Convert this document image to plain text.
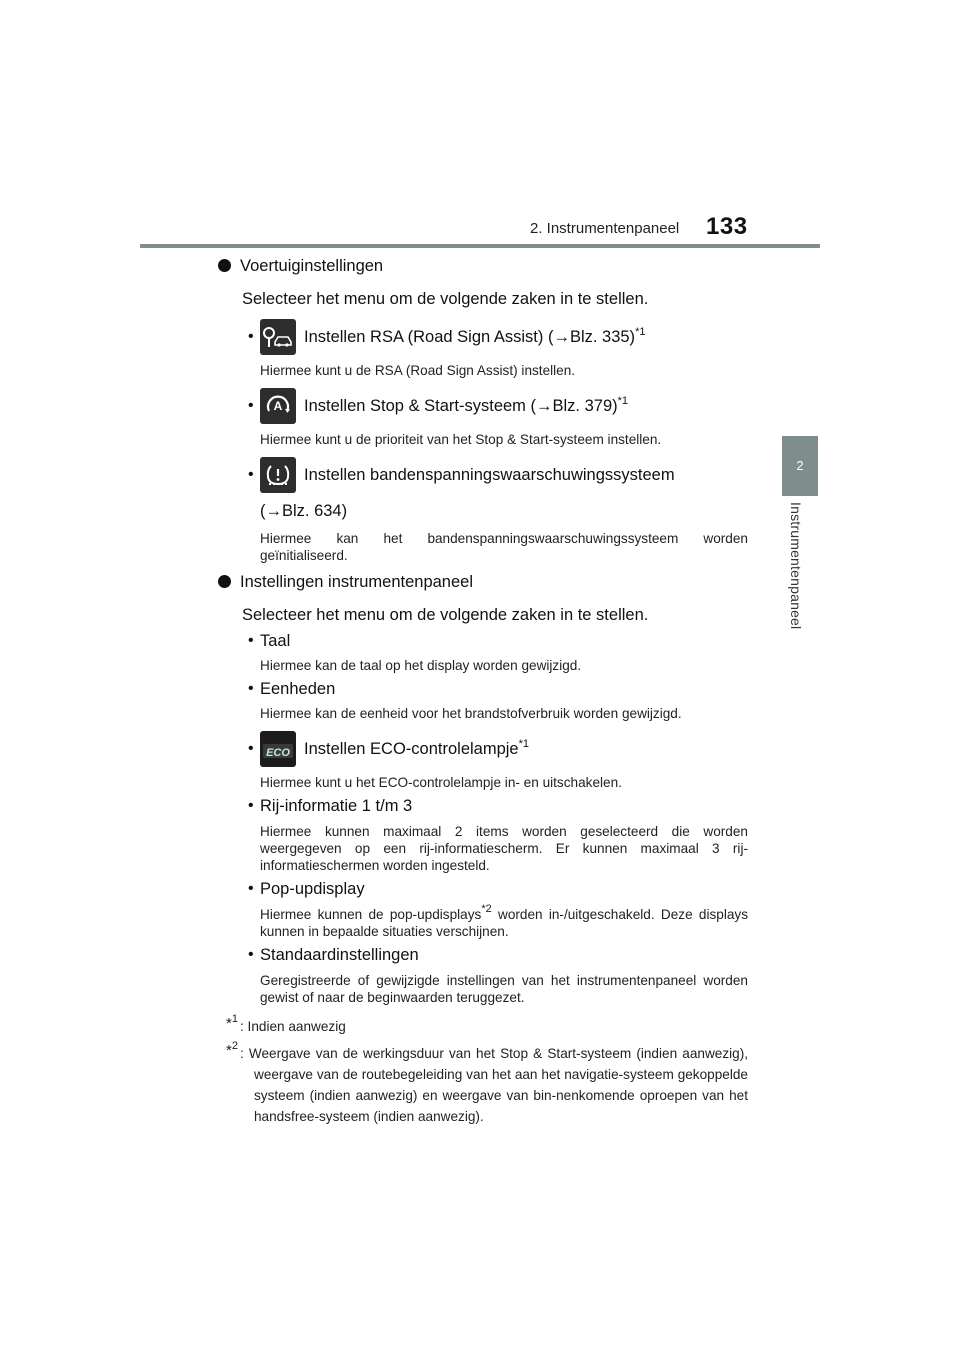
2. Instrumentenpaneel 133
2
Instrumentenpaneel
Voertuiginstellingen
Selecteer het menu om de volgende zaken in te stellen.
•	Instellen RSA (Road Sign Assist) (→Blz. 335)$^{*1}$
Hiermee kunt u de RSA (Road Sign Assist) instellen.
• A Instellen Stop & Start-systeem (→Blz. 379)$^{*1}$
Hiermee kunt u de prioriteit van het Stop & Start-systeem instellen.
•	Instellen bandenspanningswaarschuwingssysteem
(→Blz. 634)
Hiermee kan het bandenspanningswaarschuwingssysteem worden geïnitialiseerd.
Instellingen instrumentenpaneel
Selecteer het menu om de volgende zaken in te stellen.
• Taal
Hiermee kan de taal op het display worden gewijzigd.
• Eenheden
Hiermee kan de eenheid voor het brandstofverbruik worden gewijzigd.
• ECO Instellen ECO-controlelampje$^{*1}$
Hiermee kunt u het ECO-controlelampje in- en uitschakelen.
• Rij-informatie 1 t/m 3
Hiermee kunnen maximaal 2 items worden geselecteerd die worden weergegeven op een rij-informatiescherm. Er kunnen maximaal 3 rij-informatieschermen worden ingesteld.
• Pop-updisplay
Hiermee kunnen de pop-updisplays$^{*2}$ worden in-/uitgeschakeld. Deze displays kunnen in bepaalde situaties verschijnen.
• Standaardinstellingen
Geregistreerde of gewijzigde instellingen van het instrumentenpaneel worden gewist of naar de beginwaarden teruggezet.
*$^1$ : Indien aanwezig
*$^2$ : Weergave van de werkingsduur van het Stop & Start-systeem (indien aanwezig), weergave van de routebegeleiding van het aan het navigatie-systeem gekoppelde systeem (indien aanwezig) en weergave van bin-nenkomende oproepen van het handsfree-systeem (indien aanwezig).
